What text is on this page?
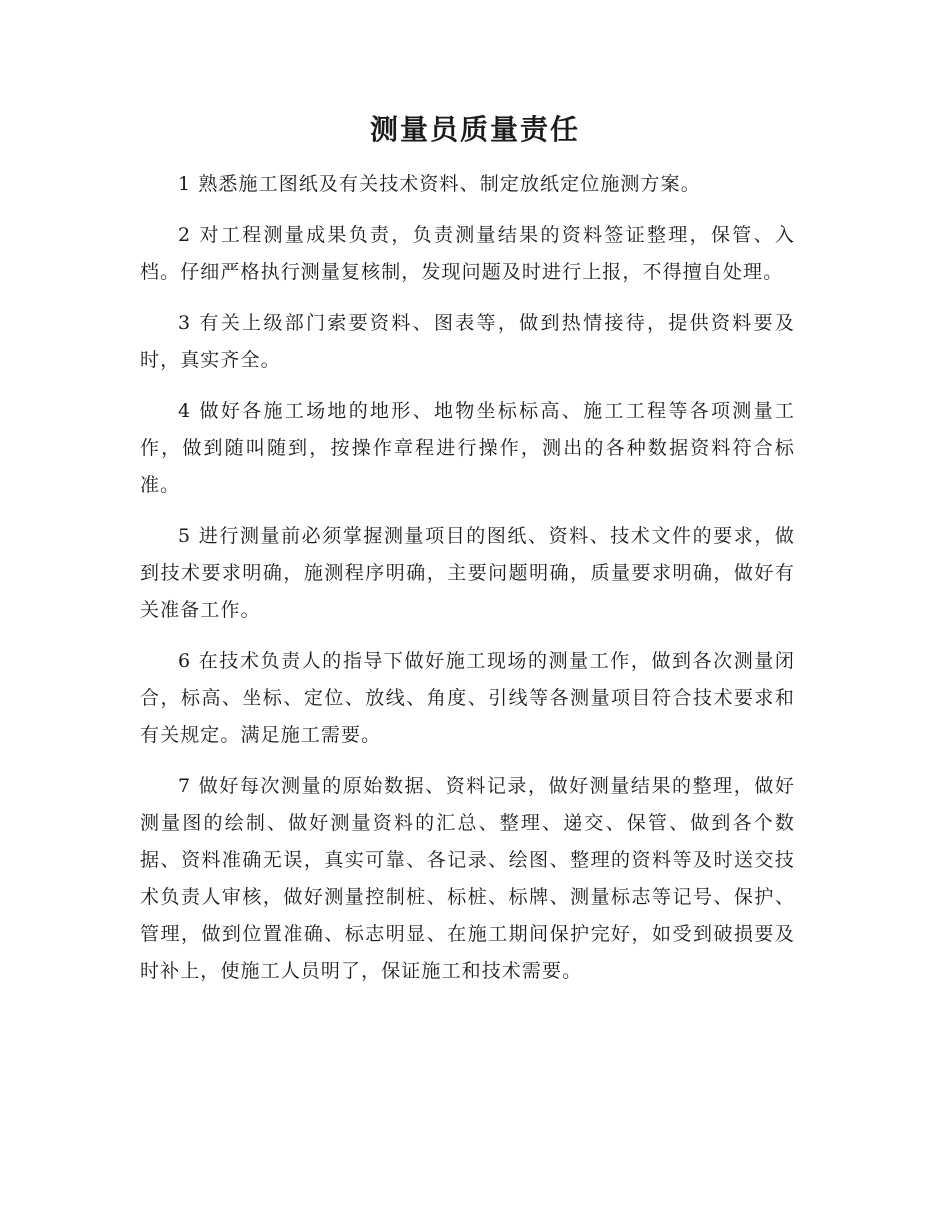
测量员质量责任

1 熟悉施工图纸及有关技术资料、制定放纸定位施测方案。

2 对工程测量成果负责，负责测量结果的资料签证整理，保管、入档。仔细严格执行测量复核制，发现问题及时进行上报，不得擅自处理。

3 有关上级部门索要资料、图表等，做到热情接待，提供资料要及时，真实齐全。

4 做好各施工场地的地形、地物坐标标高、施工工程等各项测量工作，做到随叫随到，按操作章程进行操作，测出的各种数据资料符合标准。

5 进行测量前必须掌握测量项目的图纸、资料、技术文件的要求，做到技术要求明确，施测程序明确，主要问题明确，质量要求明确，做好有关准备工作。

6 在技术负责人的指导下做好施工现场的测量工作，做到各次测量闭合，标高、坐标、定位、放线、角度、引线等各测量项目符合技术要求和有关规定。满足施工需要。

7 做好每次测量的原始数据、资料记录，做好测量结果的整理，做好测量图的绘制、做好测量资料的汇总、整理、递交、保管、做到各个数据、资料准确无误，真实可靠、各记录、绘图、整理的资料等及时送交技术负责人审核，做好测量控制桩、标桩、标牌、测量标志等记号、保护、管理，做到位置准确、标志明显、在施工期间保护完好，如受到破损要及时补上，使施工人员明了，保证施工和技术需要。
